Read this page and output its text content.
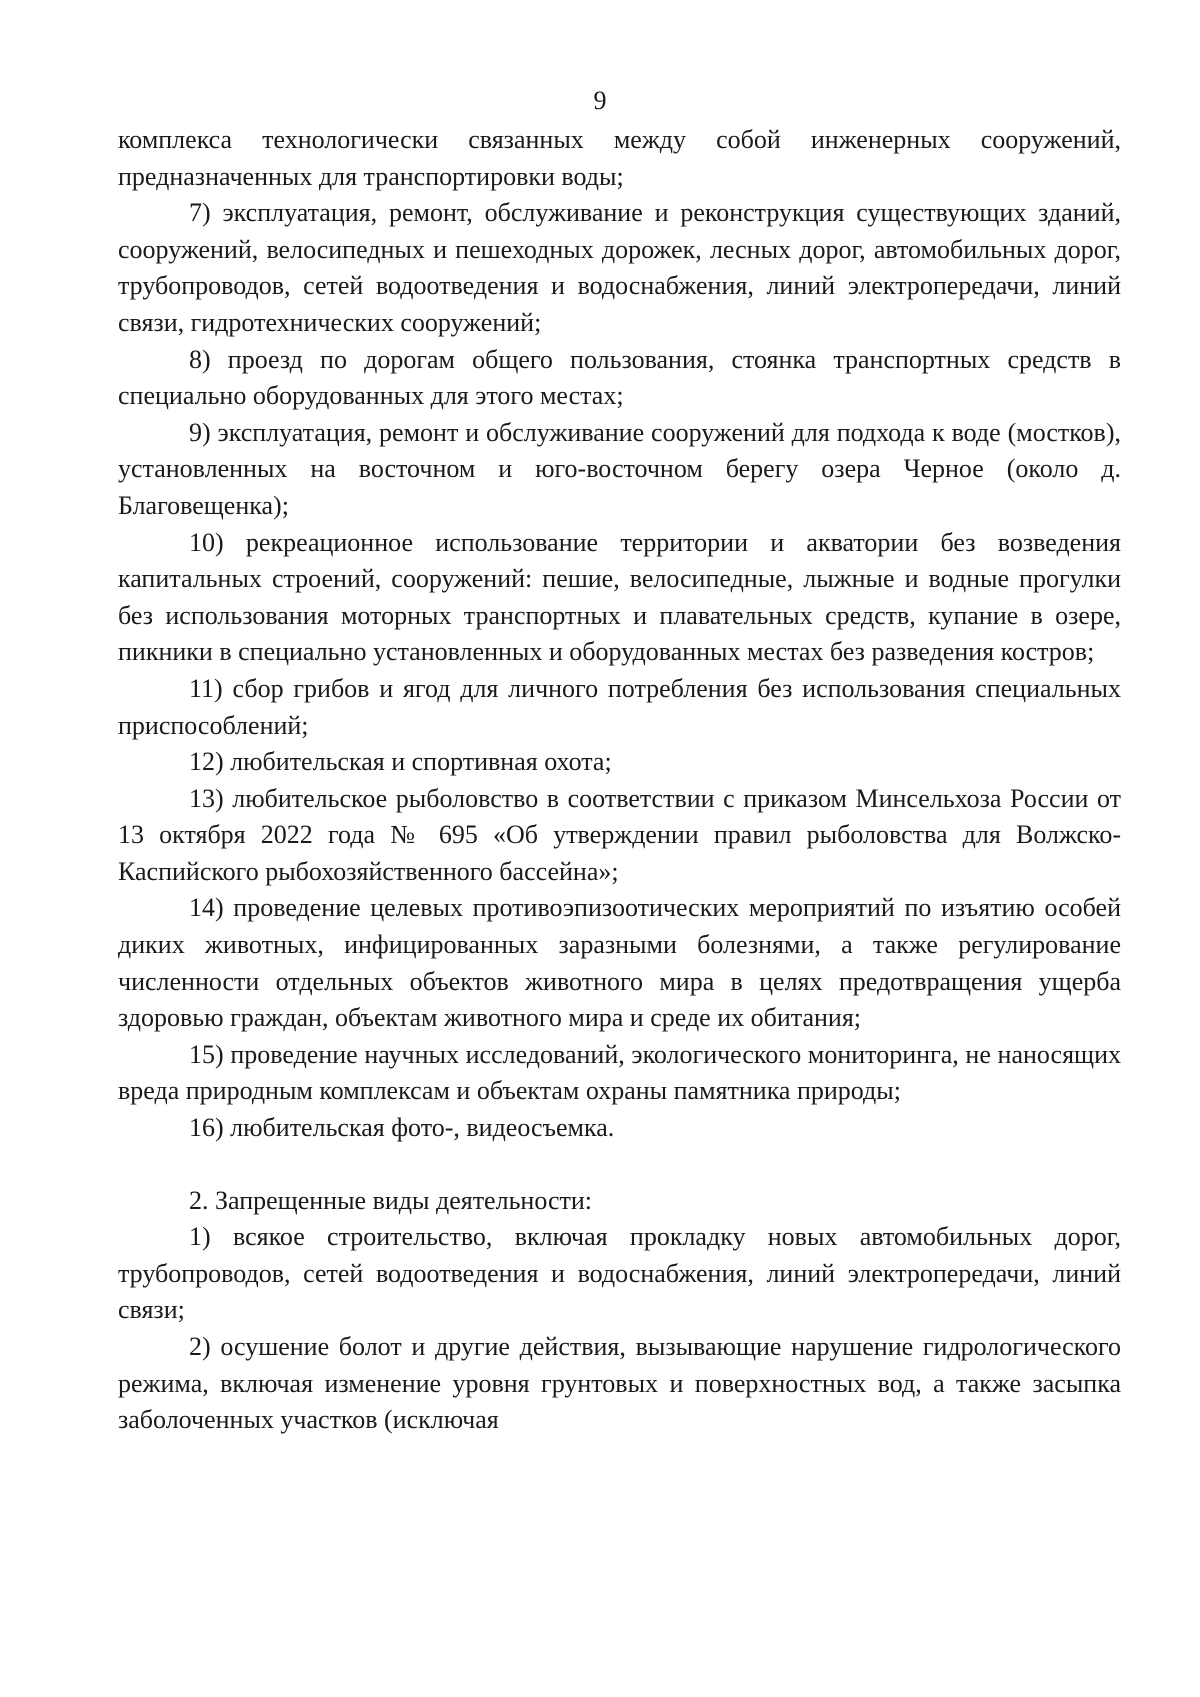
9

комплекса технологически связанных между собой инженерных сооружений, предназначенных для транспортировки воды;

7) эксплуатация, ремонт, обслуживание и реконструкция существующих зданий, сооружений, велосипедных и пешеходных дорожек, лесных дорог, автомобильных дорог, трубопроводов, сетей водоотведения и водоснабжения, линий электропередачи, линий связи, гидротехнических сооружений;

8) проезд по дорогам общего пользования, стоянка транспортных средств в специально оборудованных для этого местах;

9) эксплуатация, ремонт и обслуживание сооружений для подхода к воде (мостков), установленных на восточном и юго-восточном берегу озера Черное (около д. Благовещенка);

10) рекреационное использование территории и акватории без возведения капитальных строений, сооружений: пешие, велосипедные, лыжные и водные прогулки без использования моторных транспортных и плавательных средств, купание в озере, пикники в специально установленных и оборудованных местах без разведения костров;

11) сбор грибов и ягод для личного потребления без использования специальных приспособлений;

12) любительская и спортивная охота;

13) любительское рыболовство в соответствии с приказом Минсельхоза России от 13 октября 2022 года № 695 «Об утверждении правил рыболовства для Волжско-Каспийского рыбохозяйственного бассейна»;

14) проведение целевых противоэпизоотических мероприятий по изъятию особей диких животных, инфицированных заразными болезнями, а также регулирование численности отдельных объектов животного мира в целях предотвращения ущерба здоровью граждан, объектам животного мира и среде их обитания;

15) проведение научных исследований, экологического мониторинга, не наносящих вреда природным комплексам и объектам охраны памятника природы;

16) любительская фото-, видеосъемка.

2. Запрещенные виды деятельности:

1) всякое строительство, включая прокладку новых автомобильных дорог, трубопроводов, сетей водоотведения и водоснабжения, линий электропередачи, линий связи;

2) осушение болот и другие действия, вызывающие нарушение гидрологического режима, включая изменение уровня грунтовых и поверхностных вод, а также засыпка заболоченных участков (исключая
